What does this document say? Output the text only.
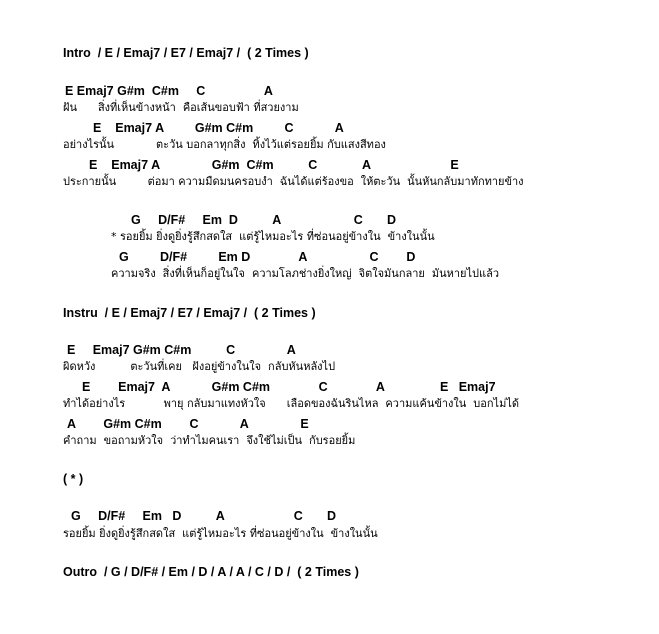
Intro  / E / Emaj7 / E7 / Emaj7 /  ( 2 Times )
E Emaj7 G#m  C#m     C                 A
ฝัน      สิ่งที่เห็นข้างหน้า  คือเส้นขอบฟ้า ที่สวยงาม
E    Emaj7 A         G#m C#m         C            A
อย่างไรนั้น            ตะวัน บอกลาทุกสิ่ง  ทิ้งไว้แต่รอยยิ้ม กับแสงสีทอง
E    Emaj7 A               G#m  C#m          C             A                       E
ประกายนั้น         ต่อมา ความมืดมนครอบงำ  ฉันได้แต่ร้องขอ  ให้ตะวัน  นั้นหันกลับมาทักทายข้าง
G     D/F#     Em  D          A                     C       D
* รอยยิ้ม ยิ่งดูยิ่งรู้สึกสดใส  แต่รู้ไหมอะไร ที่ซ่อนอยู่ข้างใน  ข้างในนั้น
G         D/F#         Em D              A                  C        D
ความจริง  สิ่งที่เห็นก็อยู่ในใจ  ความโลภช่างยิ่งใหญ่  จิตใจมันกลาย  มันหายไปแล้ว
Instru  / E / Emaj7 / E7 / Emaj7 /  ( 2 Times )
E     Emaj7 G#m C#m          C               A
ผิดหวัง          ตะวันที่เคย   ฝังอยู่ข้างในใจ  กลับหันหลังไป
E        Emaj7  A            G#m C#m              C              A                E   Emaj7
ทำได้อย่างไร           พายุ กลับมาแทงหัวใจ      เลือดของฉันรินไหล  ความแค้นข้างใน  บอกไม่ได้
A        G#m C#m        C            A               E
คำถาม  ขอถามหัวใจ  ว่าทำไมคนเรา  จึงใช้ไม่เป็น  กับรอยยิ้ม
( * )
G     D/F#     Em   D          A                    C       D
รอยยิ้ม ยิ่งดูยิ่งรู้สึกสดใส  แต่รู้ไหมอะไร ที่ซ่อนอยู่ข้างใน  ข้างในนั้น
Outro  / G / D/F# / Em / D / A / A / C / D /  ( 2 Times )
